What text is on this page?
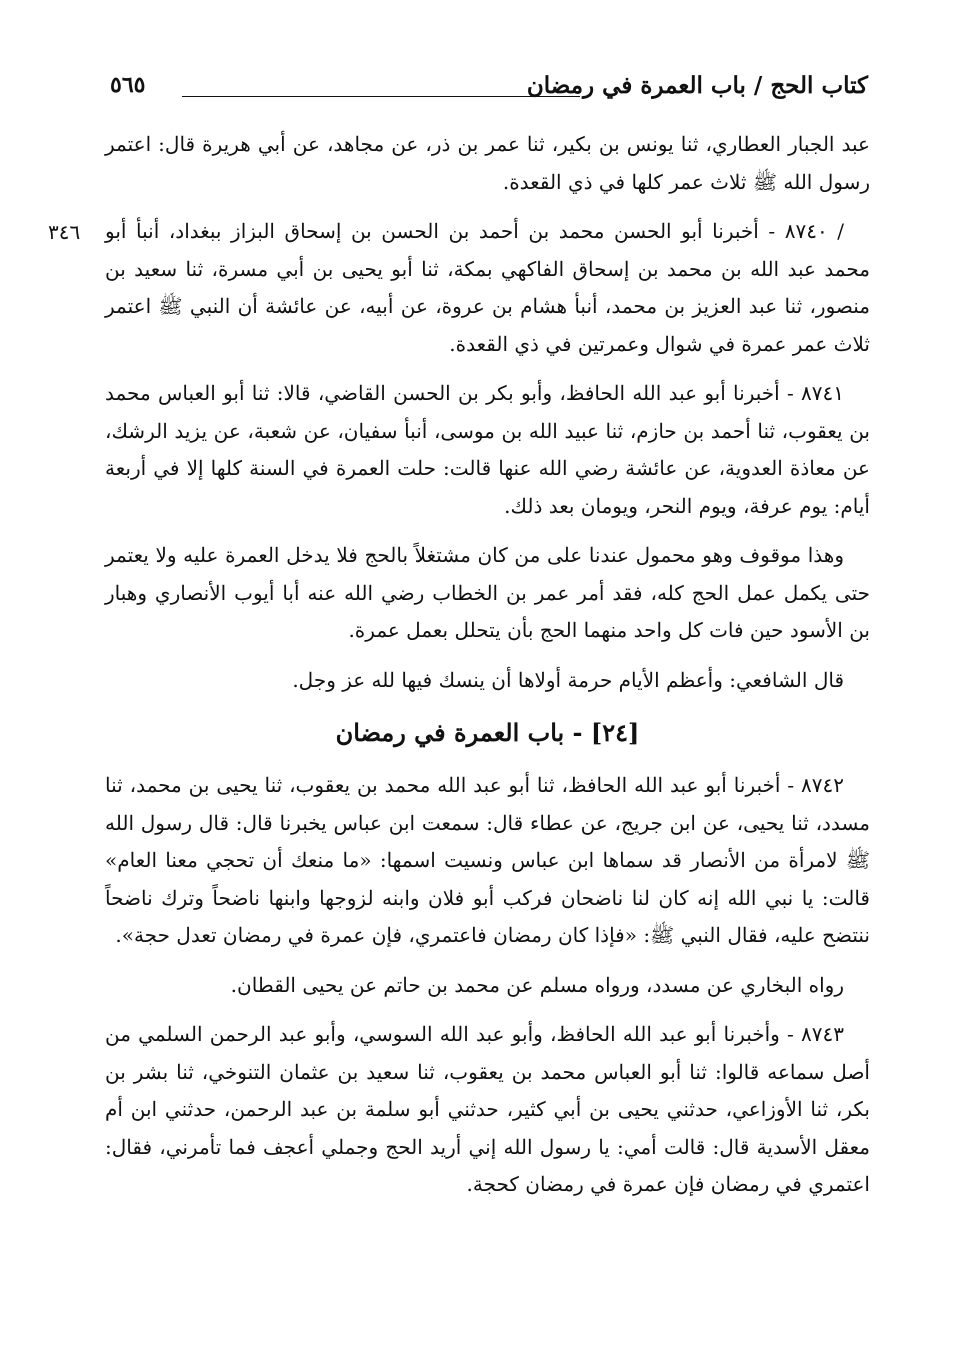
كتاب الحج / باب العمرة في رمضان
٥٦٥
٣٤٦

عبد الجبار العطاري، ثنا يونس بن بكير، ثنا عمر بن ذر، عن مجاهد، عن أبي هريرة قال: اعتمر رسول الله ﷺ ثلاث عمر كلها في ذي القعدة.

/ ٨٧٤٠ - أخبرنا أبو الحسن محمد بن أحمد بن الحسن بن إسحاق البزاز ببغداد، أنبأ أبو محمد عبد الله بن محمد بن إسحاق الفاكهي بمكة، ثنا أبو يحيى بن أبي مسرة، ثنا سعيد بن منصور، ثنا عبد العزيز بن محمد، أنبأ هشام بن عروة، عن أبيه، عن عائشة أن النبي ﷺ اعتمر ثلاث عمر عمرة في شوال وعمرتين في ذي القعدة.

٨٧٤١ - أخبرنا أبو عبد الله الحافظ، وأبو بكر بن الحسن القاضي، قالا: ثنا أبو العباس محمد بن يعقوب، ثنا أحمد بن حازم، ثنا عبيد الله بن موسى، أنبأ سفيان، عن شعبة، عن يزيد الرشك، عن معاذة العدوية، عن عائشة رضي الله عنها قالت: حلت العمرة في السنة كلها إلا في أربعة أيام: يوم عرفة، ويوم النحر، ويومان بعد ذلك.

وهذا موقوف وهو محمول عندنا على من كان مشتغلاً بالحج فلا يدخل العمرة عليه ولا يعتمر حتى يكمل عمل الحج كله، فقد أمر عمر بن الخطاب رضي الله عنه أبا أيوب الأنصاري وهبار بن الأسود حين فات كل واحد منهما الحج بأن يتحلل بعمل عمرة.

قال الشافعي: وأعظم الأيام حرمة أولاها أن ينسك فيها لله عز وجل.

[٢٤] - باب العمرة في رمضان

٨٧٤٢ - أخبرنا أبو عبد الله الحافظ، ثنا أبو عبد الله محمد بن يعقوب، ثنا يحيى بن محمد، ثنا مسدد، ثنا يحيى، عن ابن جريج، عن عطاء قال: سمعت ابن عباس يخبرنا قال: قال رسول الله ﷺ لامرأة من الأنصار قد سماها ابن عباس ونسيت اسمها: «ما منعك أن تحجي معنا العام» قالت: يا نبي الله إنه كان لنا ناضحان فركب أبو فلان وابنه لزوجها وابنها ناضحاً وترك ناضحاً ننتضح عليه، فقال النبي ﷺ: «فإذا كان رمضان فاعتمري، فإن عمرة في رمضان تعدل حجة».

رواه البخاري عن مسدد، ورواه مسلم عن محمد بن حاتم عن يحيى القطان.

٨٧٤٣ - وأخبرنا أبو عبد الله الحافظ، وأبو عبد الله السوسي، وأبو عبد الرحمن السلمي من أصل سماعه قالوا: ثنا أبو العباس محمد بن يعقوب، ثنا سعيد بن عثمان التنوخي، ثنا بشر بن بكر، ثنا الأوزاعي، حدثني يحيى بن أبي كثير، حدثني أبو سلمة بن عبد الرحمن، حدثني ابن أم معقل الأسدية قال: قالت أمي: يا رسول الله إني أريد الحج وجملي أعجف فما تأمرني، فقال: اعتمري في رمضان فإن عمرة في رمضان كحجة.
